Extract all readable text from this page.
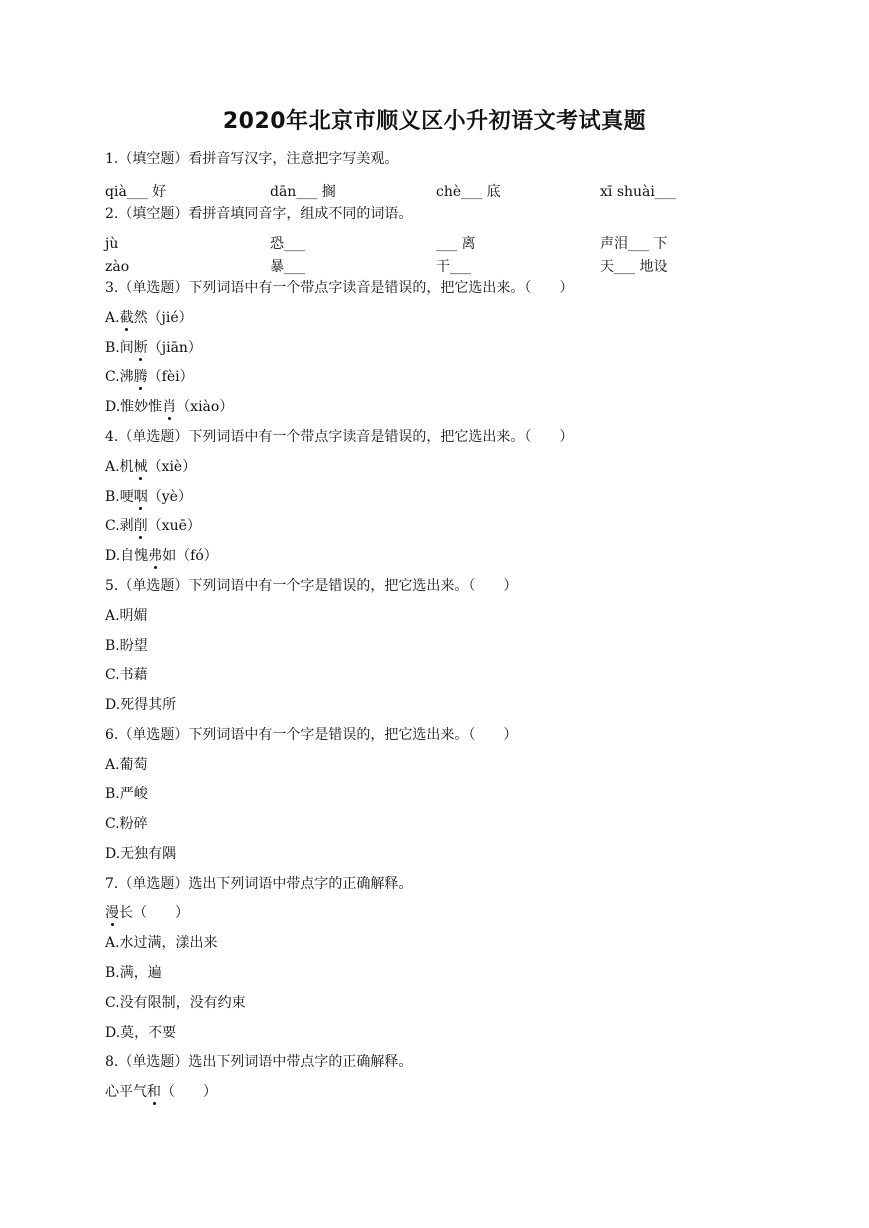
2020年北京市顺义区小升初语文考试真题
1.（填空题）看拼音写汉字，注意把字写美观。
qià___ 好	dān___ 搁	chè___ 底	xī shuài___
2.（填空题）看拼音填同音字，组成不同的词语。
jù	恐___	___ 离	声泪___ 下
zào	暴___	干___	天___ 地设
3.（单选题）下列词语中有一个带点字读音是错误的，把它选出来。（　　）
A.截然（jié）
B.间断（jiān）
C.沸腾（fèi）
D.惟妙惟肖（xiào）
4.（单选题）下列词语中有一个带点字读音是错误的，把它选出来。（　　）
A.机械（xiè）
B.哽咽（yè）
C.剥削（xuē）
D.自愧弗如（fó）
5.（单选题）下列词语中有一个字是错误的，把它选出来。（　　）
A.明媚
B.盼望
C.书藉
D.死得其所
6.（单选题）下列词语中有一个字是错误的，把它选出来。（　　）
A.葡萄
B.严峻
C.粉碎
D.无独有隅
7.（单选题）选出下列词语中带点字的正确解释。
漫长（　　）
A.水过满，漾出来
B.满，遍
C.没有限制，没有约束
D.莫，不要
8.（单选题）选出下列词语中带点字的正确解释。
心平气和（　　）
